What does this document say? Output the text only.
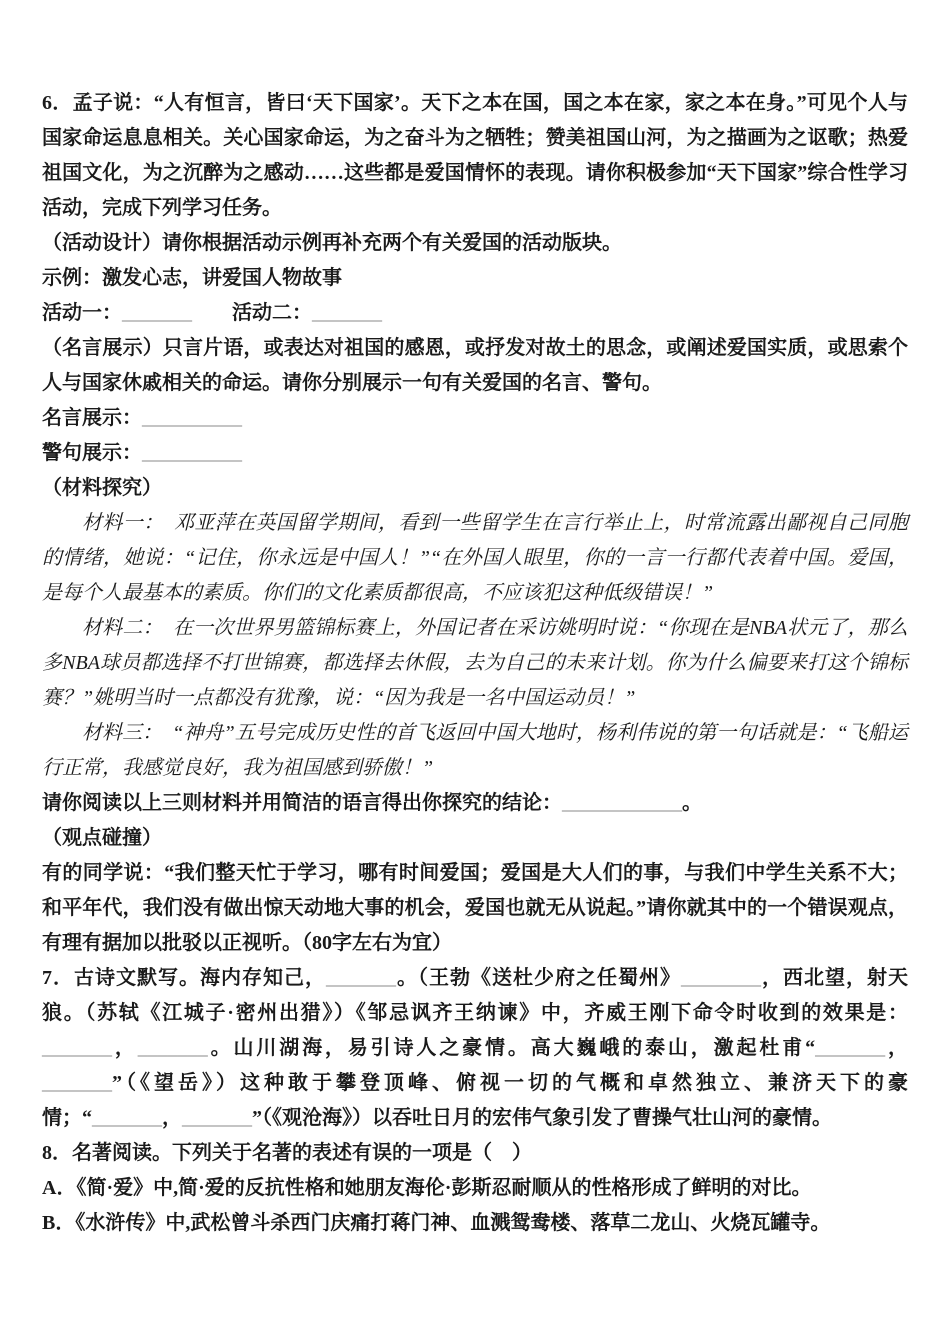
6．孟子说：“人有恒言，皆曰‘天下国家’。天下之本在国，国之本在家，家之本在身。”可见个人与国家命运息息相关。关心国家命运，为之奋斗为之牺牲；赞美祖国山河，为之描画为之讴歌；热爱祖国文化，为之沉醉为之感动……这些都是爱国情怀的表现。请你积极参加“天下国家”综合性学习活动，完成下列学习任务。

（活动设计）请你根据活动示例再补充两个有关爱国的活动版块。

示例：激发心志，讲爱国人物故事

活动一：_______　　活动二：_______

（名言展示）只言片语，或表达对祖国的感恩，或抒发对故土的思念，或阐述爱国实质，或思索个人与国家休戚相关的命运。请你分别展示一句有关爱国的名言、警句。

名言展示：__________

警句展示：__________

（材料探究）

材料一：　邓亚萍在英国留学期间，看到一些留学生在言行举止上，时常流露出鄙视自己同胞的情绪，她说：“记住，你永远是中国人！”“在外国人眼里，你的一言一行都代表着中国。爱国，是每个人最基本的素质。你们的文化素质都很高，不应该犯这种低级错误！”

材料二：　在一次世界男篮锦标赛上，外国记者在采访姚明时说：“你现在是NBA状元了，那么多NBA球员都选择不打世锦赛，都选择去休假，去为自己的未来计划。你为什么偏要来打这个锦标赛？”姚明当时一点都没有犹豫，说：“因为我是一名中国运动员！”

材料三：　“神舟”五号完成历史性的首飞返回中国大地时，杨利伟说的第一句话就是：“飞船运行正常，我感觉良好，我为祖国感到骄傲！”

请你阅读以上三则材料并用简洁的语言得出你探究的结论：____________。

（观点碰撞）

有的同学说：“我们整天忙于学习，哪有时间爱国；爱国是大人们的事，与我们中学生关系不大；和平年代，我们没有做出惊天动地大事的机会，爱国也就无从说起。”请你就其中的一个错误观点，有理有据加以批驳以正视听。（80字左右为宜）

7．古诗文默写。海内存知己，_______。（王勃《送杜少府之任蜀州》________，西北望，射天狼。（苏轼《江城子·密州出猎》）《邹忌讽齐王纳谏》中，齐威王刚下命令时收到的效果是：_______，_______。山川湖海，易引诗人之豪情。高大巍峨的泰山，激起杜甫“_______，_______”（《望岳》）这种敢于攀登顶峰、俯视一切的气概和卓然独立、兼济天下的豪情；“_______，_______”（《观沧海》）以吞吐日月的宏伟气象引发了曹操气壮山河的豪情。

8．名著阅读。下列关于名著的表述有误的一项是（　）

A．《简·爱》中,简·爱的反抗性格和她朋友海伦·彭斯忍耐顺从的性格形成了鲜明的对比。

B．《水浒传》中,武松曾斗杀西门庆痛打蒋门神、血溅鸳鸯楼、落草二龙山、火烧瓦罐寺。
